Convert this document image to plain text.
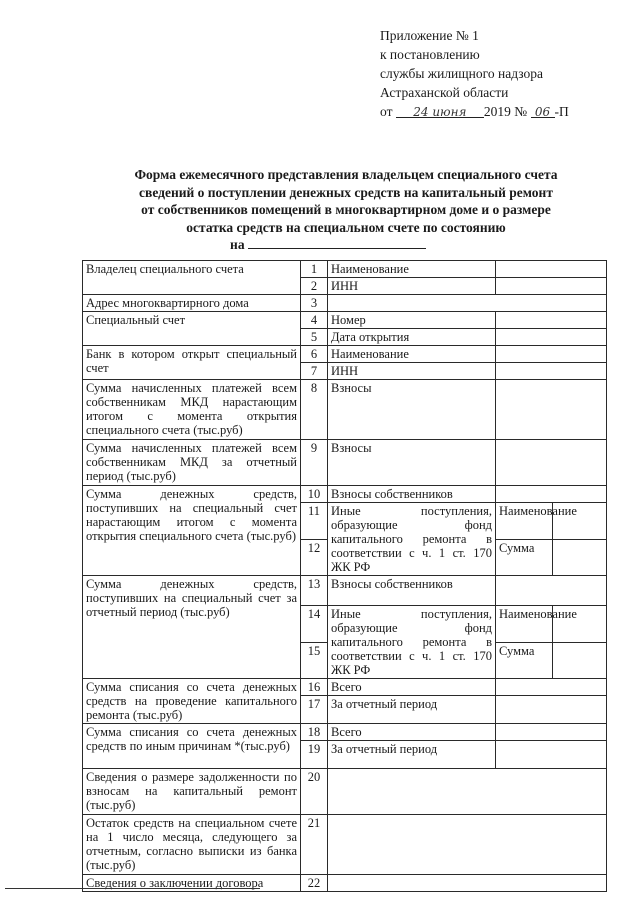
Приложение № 1
к постановлению
службы жилищного надзора
Астраханской области
от 24 июня 2019 № 06 -П
Форма ежемесячного представления владельцем специального счета
сведений о поступлении денежных средств на капитальный ремонт
от собственников помещений в многоквартирном доме и о размере
остатка средств на специальном счете по состоянию
на
Владелец специального счета	1	Наименование		
	2	ИНН		
Адрес многоквартирного дома	3			
Специальный счет	4	Номер		
	5	Дата открытия		
Банк в котором открыт специальный счет	6	Наименование		
	7	ИНН		
Сумма начисленных платежей всем собственникам МКД нарастающим итогом с момента открытия специального счета (тыс.руб)	8	Взносы		
Сумма начисленных платежей всем собственникам МКД за отчетный период (тыс.руб)	9	Взносы		
Сумма денежных средств, поступивших на специальный счет нарастающим итогом с момента открытия специального счета (тыс.руб)	10	Взносы собственников		
	11	Иные поступления, образующие фонд капитального ремонта в соответствии с ч. 1 ст. 170 ЖК РФ	Наименование	
	12		Сумма	
Сумма денежных средств, поступивших на специальный счет за отчетный период (тыс.руб)	13	Взносы собственников		
	14	Иные поступления, образующие фонд капитального ремонта в соответствии с ч. 1 ст. 170 ЖК РФ	Наименование	
	15		Сумма	
Сумма списания со счета денежных средств на проведение капитального ремонта (тыс.руб)	16	Всего		
	17	За отчетный период		
Сумма списания со счета денежных средств по иным причинам *(тыс.руб)	18	Всего		
	19	За отчетный период		
Сведения о размере задолженности по взносам на капитальный ремонт (тыс.руб)	20			
Остаток средств на специальном счете на 1 число месяца, следующего за отчетным, согласно выписки из банка (тыс.руб)	21			
Сведения о заключении договора	22			
